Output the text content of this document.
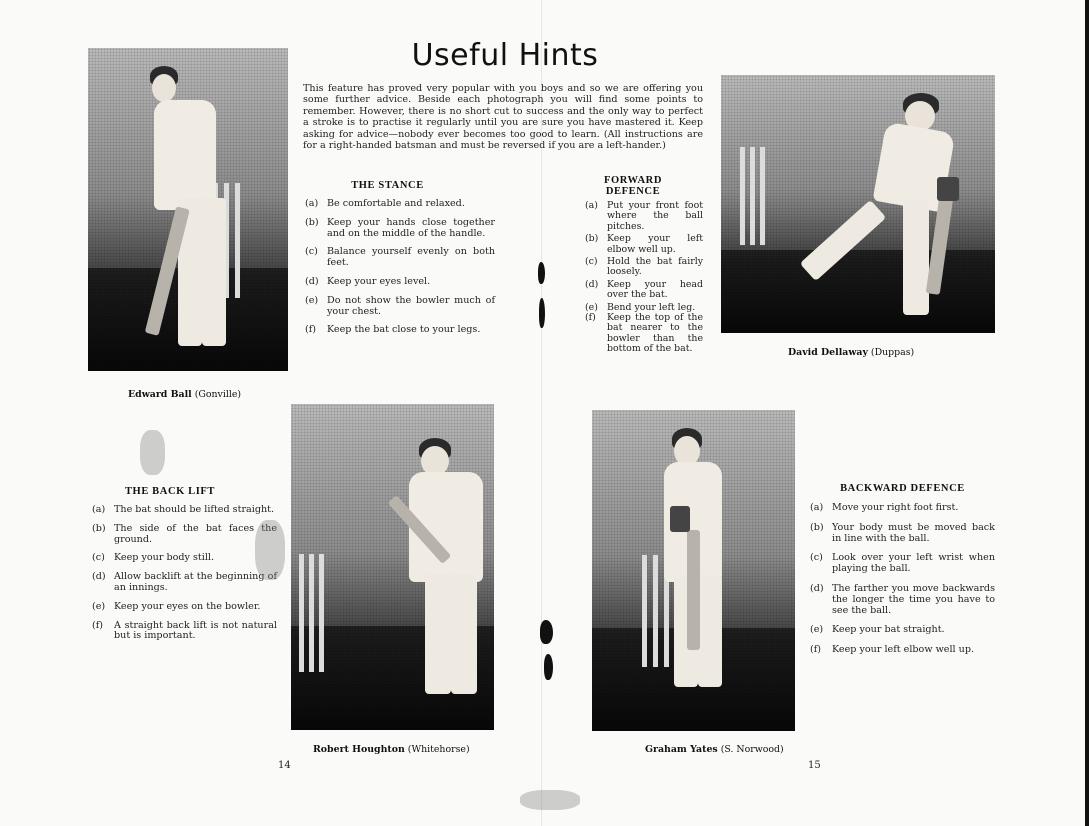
Useful Hints

This feature has proved very popular with you boys and so we are offering you some further advice. Beside each photograph you will find some points to remember. However, there is no short cut to success and the only way to perfect a stroke is to practise it regularly until you are sure you have mastered it. Keep asking for advice—nobody ever becomes too good to learn. (All instructions are for a right-handed batsman and must be reversed if you are a left-hander.)

THE STANCE
(a) Be comfortable and relaxed.
(b) Keep your hands close together and on the middle of the handle.
(c) Balance yourself evenly on both feet.
(d) Keep your eyes level.
(e) Do not show the bowler much of your chest.
(f)	Keep the bat close to your legs.
FORWARD
DEFENCE
(a) Put your front foot where the ball pitches.
(b) Keep your left elbow well up.
(c)	Hold the bat fairly loosely.
(d) Keep your head over the bat.
(e) Bend your left leg.
(f)	Keep the top of the bat nearer to the bowler than the bottom of the bat.
THE BACK LIFT
(a) The bat should be lifted straight.
(b) The side of the bat faces the ground.
(c) Keep your body still.
(d) Allow backlift at the beginning of an innings.
(e) Keep your eyes on the bowler.
(f)	A straight back lift is not natural but is important.
BACKWARD DEFENCE
(a) Move your right foot first.
(b) Your body must be moved back in line with the ball.
(c) Look over your left wrist when playing the ball.
(d) The farther you move backwards the longer the time you have to see the ball.
(e) Keep your bat straight.
(f)	Keep your left elbow well up.
Edward Ball (Gonville)
David Dellaway (Duppas)
Robert Houghton (Whitehorse)	Graham Yates (S. Norwood)
14	15
